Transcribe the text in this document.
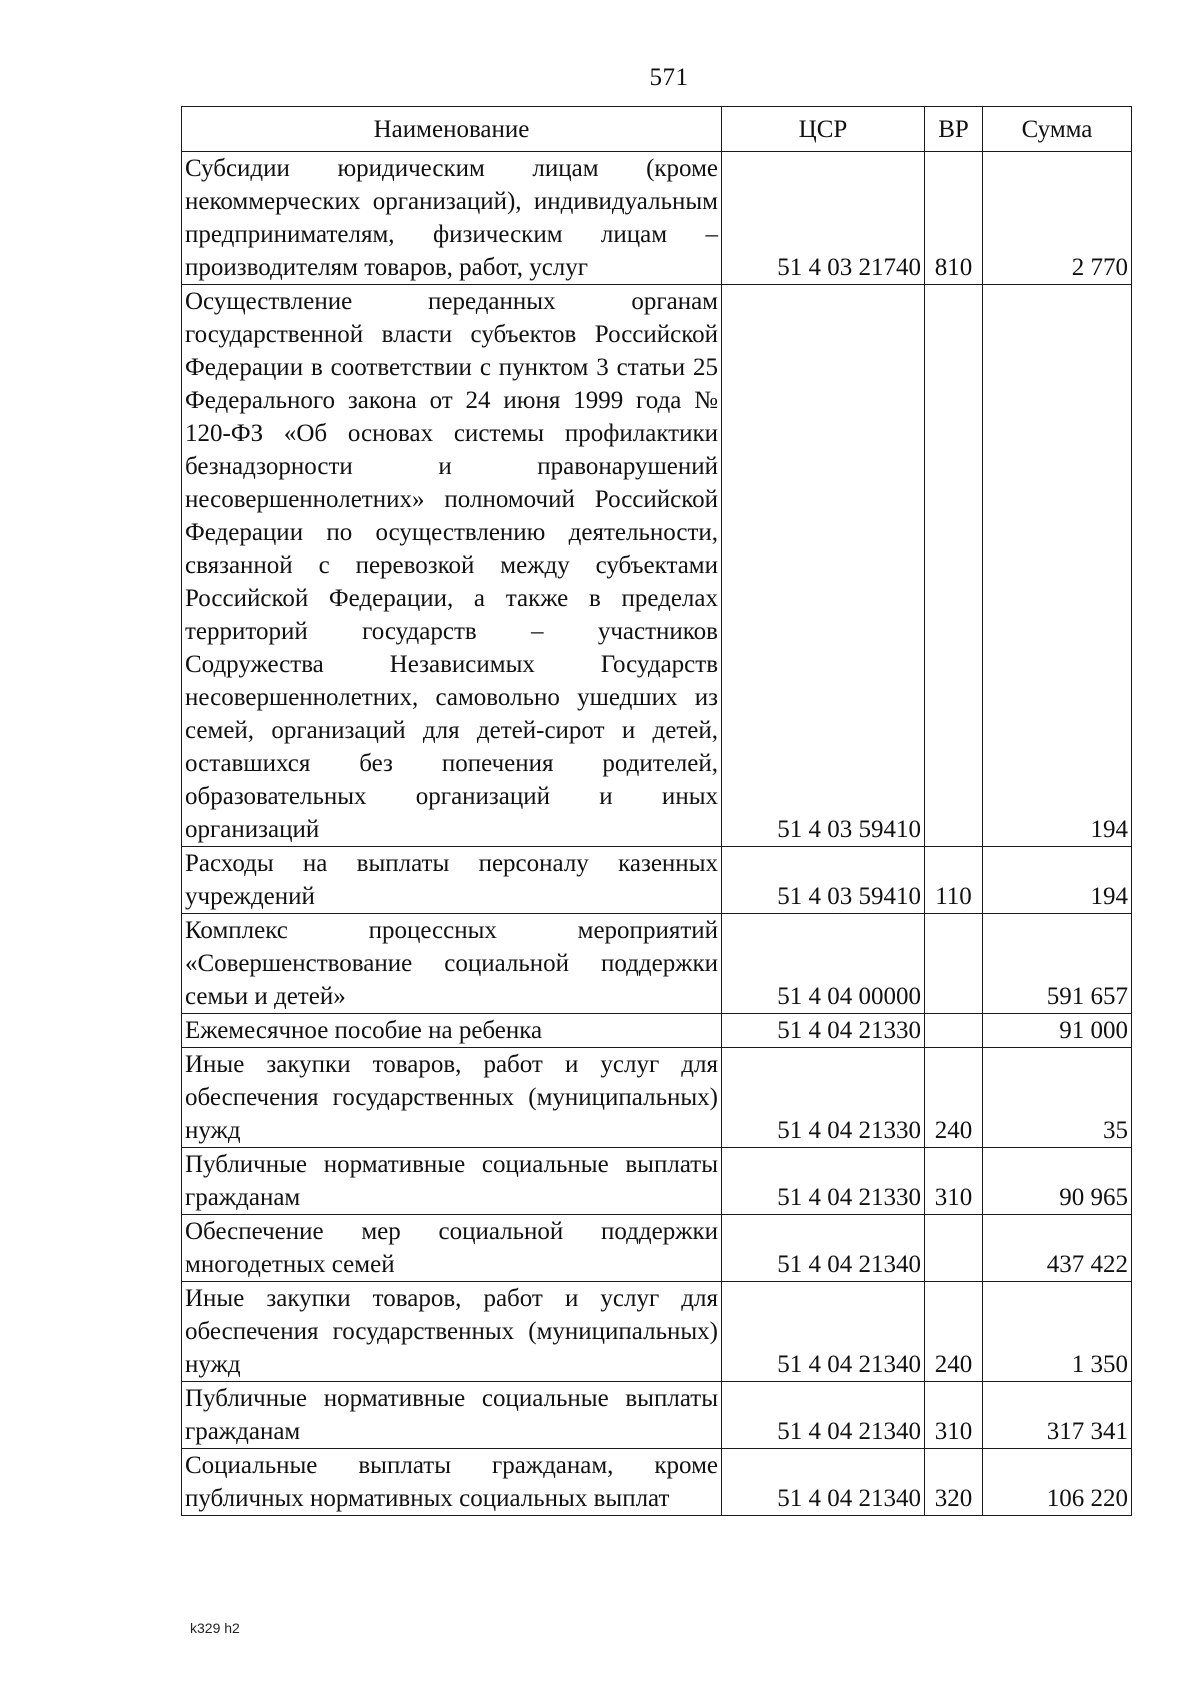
571
Наименование	ЦСР	ВР	Сумма
Субсидии юридическим лицам (кроме некоммерческих организаций), индивидуальным предпринимателям, физическим лицам – производителям товаров, работ, услуг	51 4 03 21740	810	2 770
Осуществление переданных органам государственной власти субъектов Российской Федерации в соответствии с пунктом 3 статьи 25 Федерального закона от 24 июня 1999 года № 120-ФЗ «Об основах системы профилактики безнадзорности и правонарушений несовершеннолетних» полномочий Российской Федерации по осуществлению деятельности, связанной с перевозкой между субъектами Российской Федерации, а также в пределах территорий государств – участников Содружества Независимых Государств несовершеннолетних, самовольно ушедших из семей, организаций для детей-сирот и детей, оставшихся без попечения родителей, образовательных организаций и иных организаций	51 4 03 59410		194
Расходы на выплаты персоналу казенных учреждений	51 4 03 59410	110	194
Комплекс процессных мероприятий «Совершенствование социальной поддержки семьи и детей»	51 4 04 00000		591 657
Ежемесячное пособие на ребенка	51 4 04 21330		91 000
Иные закупки товаров, работ и услуг для обеспечения государственных (муниципальных) нужд	51 4 04 21330	240	35
Публичные нормативные социальные выплаты гражданам	51 4 04 21330	310	90 965
Обеспечение мер социальной поддержки многодетных семей	51 4 04 21340		437 422
Иные закупки товаров, работ и услуг для обеспечения государственных (муниципальных) нужд	51 4 04 21340	240	1 350
Публичные нормативные социальные выплаты гражданам	51 4 04 21340	310	317 341
Социальные выплаты гражданам, кроме публичных нормативных социальных выплат	51 4 04 21340	320	106 220
k329 h2
